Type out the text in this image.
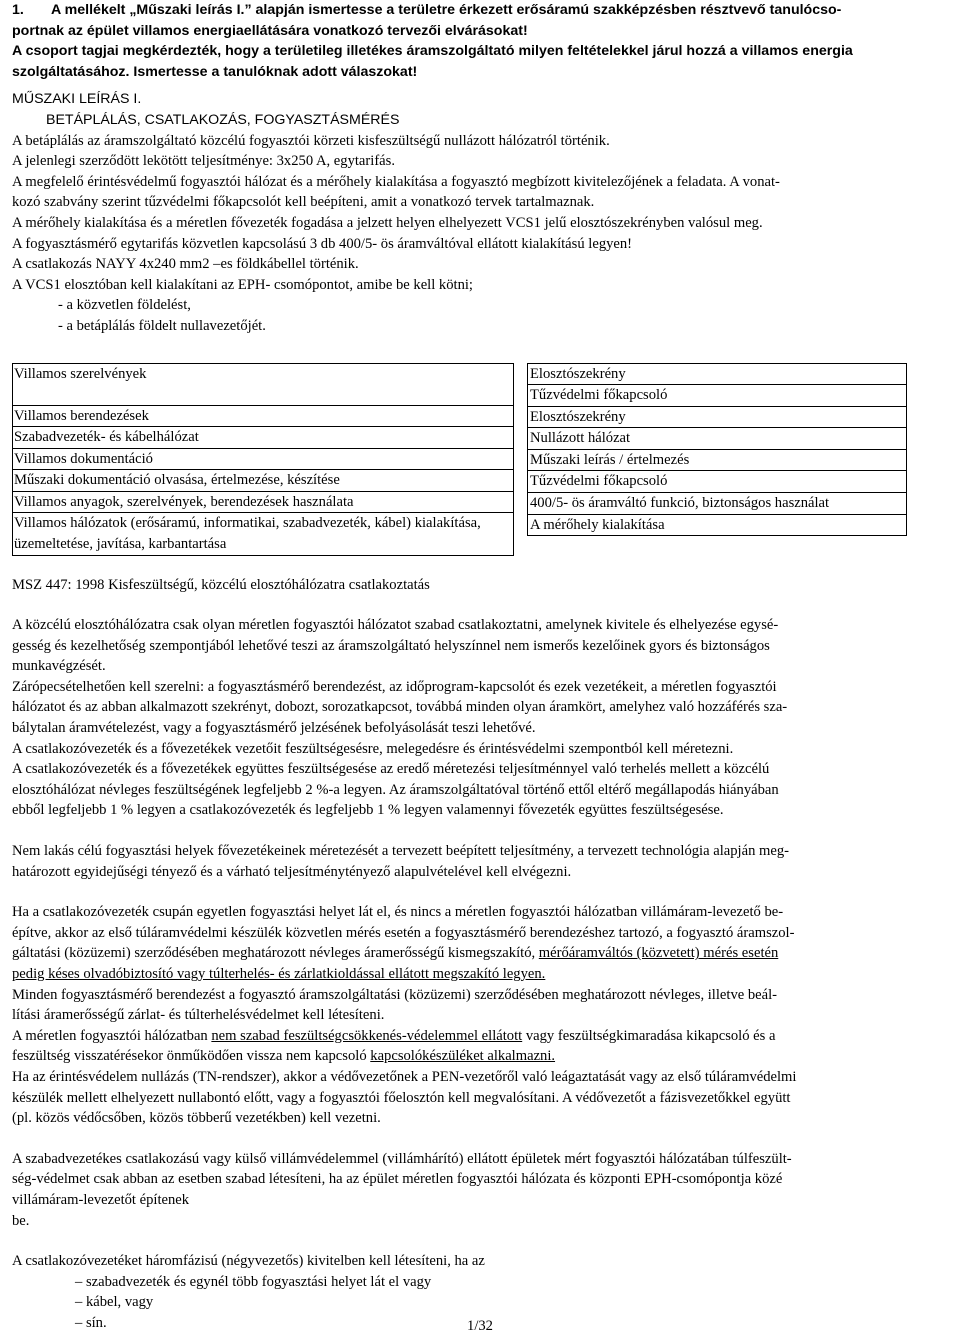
1.	A mellékelt „Műszaki leírás I.” alapján ismertesse a területre érkezett erősáramú szakképzésben résztvevő tanulócso-
portnak az épület villamos energiaellátására vonatkozó tervezői elvárásokat!
A csoport tagjai megkérdezték, hogy a területileg illetékes áramszolgáltató milyen feltételekkel járul hozzá a villamos energia
szolgáltatásához. Ismertesse a tanulóknak adott válaszokat!
MŰSZAKI LEÍRÁS I.
BETÁPLÁLÁS, CSATLAKOZÁS, FOGYASZTÁSMÉRÉS

A betáplálás az áramszolgáltató közcélú fogyasztói körzeti kisfeszültségű nullázott hálózatról történik.

A jelenlegi szerződött lekötött teljesítménye: 3x250 A, egytarifás.

A megfelelő érintésvédelmű fogyasztói hálózat és a mérőhely kialakítása a fogyasztó megbízott kivitelezőjének a feladata. A vonat-

kozó szabvány szerint tűzvédelmi főkapcsolót kell beépíteni, amit a vonatkozó tervek tartalmaznak.

A mérőhely kialakítása és a méretlen fővezeték fogadása a jelzett helyen elhelyezett VCS1 jelű elosztószekrényben valósul meg.

A fogyasztásmérő egytarifás közvetlen kapcsolású 3 db 400/5- ös áramváltóval ellátott kialakítású legyen!

A csatlakozás NAYY 4x240 mm2 –es földkábellel történik.

A VCS1 elosztóban kell kialakítani az EPH- csomópontot, amibe be kell kötni;

- a közvetlen földelést,

- a betáplálás földelt nullavezetőjét.

Villamos szerelvények
Villamos berendezések
Szabadvezeték- és kábelhálózat
Villamos dokumentáció
Műszaki dokumentáció olvasása, értelmezése, készítése
Villamos anyagok, szerelvények, berendezések használata
Villamos hálózatok (erősáramú, informatikai, szabadvezeték, kábel) kialakítása, üzemeltetése, javítása, karbantartása
Elosztószekrény
Tűzvédelmi főkapcsoló
Elosztószekrény
Nullázott hálózat
Műszaki leírás / értelmezés
Tűzvédelmi főkapcsoló
400/5- ös áramváltó funkció, biztonságos használat
A mérőhely kialakítása

MSZ 447: 1998 Kisfeszültségű, közcélú elosztóhálózatra csatlakoztatás

A közcélú elosztóhálózatra csak olyan méretlen fogyasztói hálózatot szabad csatlakoztatni, amelynek kivitele és elhelyezése egysé-

gesség és kezelhetőség szempontjából lehetővé teszi az áramszolgáltató helyszínnel nem ismerős kezelőinek gyors és biztonságos

munkavégzését.

Zárópecsételhetően kell szerelni: a fogyasztásmérő berendezést, az időprogram-kapcsolót és ezek vezetékeit, a méretlen fogyasztói

hálózatot és az abban alkalmazott szekrényt, dobozt, sorozatkapcsot, továbbá minden olyan áramkört, amelyhez való hozzáférés sza-

bálytalan áramvételezést, vagy a fogyasztásmérő jelzésének befolyásolását teszi lehetővé.

A csatlakozóvezeték és a fővezetékek vezetőit feszültségesésre, melegedésre és érintésvédelmi szempontból kell méretezni.

A csatlakozóvezeték és a fővezetékek együttes feszültségesése az eredő méretezési teljesítménnyel való terhelés mellett a közcélú

elosztóhálózat névleges feszültségének legfeljebb 2 %-a legyen. Az áramszolgáltatóval történő ettől eltérő megállapodás hiányában

ebből legfeljebb 1 % legyen a csatlakozóvezeték és legfeljebb 1 % legyen valamennyi fővezeték együttes feszültségesése.

Nem lakás célú fogyasztási helyek fővezetékeinek méretezését a tervezett beépített teljesítmény, a tervezett technológia alapján meg-

határozott egyidejűségi tényező és a várható teljesítménytényező alapulvételével kell elvégezni.

Ha a csatlakozóvezeték csupán egyetlen fogyasztási helyet lát el, és nincs a méretlen fogyasztói hálózatban villámáram-levezető be-

építve, akkor az első túláramvédelmi készülék közvetlen mérés esetén a fogyasztásmérő berendezéshez tartozó, a fogyasztó áramszol-

gáltatási (közüzemi) szerződésében meghatározott névleges áramerősségű kismegszakító, mérőáramváltós (közvetett) mérés esetén

pedig késes olvadóbiztosító vagy túlterhelés- és zárlatkioldással ellátott megszakító legyen.

Minden fogyasztásmérő berendezést a fogyasztó áramszolgáltatási (közüzemi) szerződésében meghatározott névleges, illetve beál-

lítási áramerősségű zárlat- és túlterhelésvédelmet kell létesíteni.

A méretlen fogyasztói hálózatban nem szabad feszültségcsökkenés-védelemmel ellátott vagy feszültségkimaradása kikapcsoló és a

feszültség visszatérésekor önműködően vissza nem kapcsoló kapcsolókészüléket alkalmazni.

Ha az érintésvédelem nullázás (TN-rendszer), akkor a védővezetőnek a PEN-vezetőről való leágaztatását vagy az első túláramvédelmi

készülék mellett elhelyezett nullabontó előtt, vagy a fogyasztói főelosztón kell megvalósítani. A védővezetőt a fázisvezetőkkel együtt

(pl. közös védőcsőben, közös többerű vezetékben) kell vezetni.

A szabadvezetékes csatlakozású vagy külső villámvédelemmel (villámhárító) ellátott épületek mért fogyasztói hálózatában túlfeszült-

ség-védelmet csak abban az esetben szabad létesíteni, ha az épület méretlen fogyasztói hálózata és központi EPH-csomópontja közé

villámáram-levezetőt építenek

be.

A csatlakozóvezetéket háromfázisú (négyvezetős) kivitelben kell létesíteni, ha az

– szabadvezeték és egynél több fogyasztási helyet lát el vagy

– kábel, vagy

– sín.	1/32
